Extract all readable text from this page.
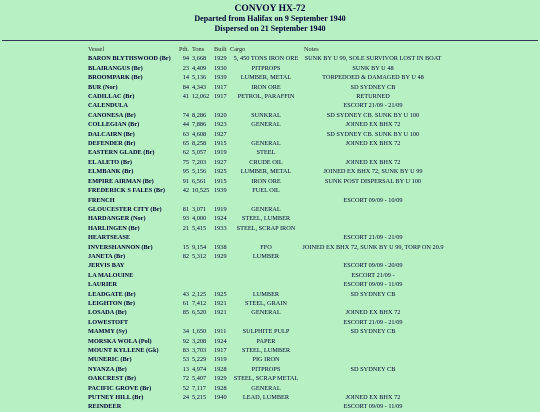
CONVOY HX-72
Departed from Halifax on 9 September 1940
Dispersed on 21 September 1940
Vessel	Pdt.	Tons	Built	Cargo	Notes
BARON BLYTHSWOOD (Br)	94	3,668	1929	5, 450 TONS IRON ORE	SUNK BY U 99, SOLE SURVIVOR LOST IN BOAT
BLAIRANGUS (Br)	23	4,409	1930	PITPROPS	SUNK BY U 48
BROOMPARK (Br)	14	5,136	1939	LUMBER, METAL	TORPEDOED & DAMAGED BY U 48
BUR (Nor)	84	4,343	1917	IRON ORE	SD SYDNEY CB
CADILLAC (Br)	41	12,062	1917	PETROL, PARAFFIN	RETURNED
CALENDULA					ESCORT 21/09 - 21/09
CANONESA (Br)	74	8,286	1920	SUNKRAL	SD SYDNEY CB. SUNK BY U 100
COLLEGIAN (Br)	44	7,886	1923	GENERAL	JOINED EX BHX 72
DALCAIRN (Br)	63	4,608	1927		SD SYDNEY CB. SUNK BY U 100
DEFENDER (Br)	65	8,258	1915	GENERAL	JOINED EX BHX 72
EASTERN GLADE (Br)	62	5,057	1919	STEEL	
EL ALETO (Br)	75	7,203	1927	CRUDE OIL	JOINED EX BHX 72
ELMBANK (Br)	95	5,156	1925	LUMBER, METAL	JOINED EX BHX 72, SUNK BY U 99
EMPIRE AIRMAN (Br)	91	6,561	1915	IRON ORE	SUNK POST DISPERSAL BY U 100
FREDERICK S FALES (Br)	42	10,525	1939	FUEL OIL	
FRENCH					ESCORT 09/09 - 10/09
GLOUCESTER CITY (Br)	81	3,071	1919	GENERAL	
HARDANGER (Nor)	93	4,000	1924	STEEL, LUMBER	
HARLINGEN (Br)	21	5,415	1933	STEEL, SCRAP IRON	
HEARTSEASE					ESCORT 21/09 - 21/09
INVERSHANNON (Br)	15	9,154	1938	FFO	JOINED EX BHX 72, SUNK BY U 99, TORP ON 20.9
JANETA (Br)	82	5,312	1929	LUMBER	
JERVIS BAY					ESCORT 09/09 - 20/09
LA MALOUINE					ESCORT 21/09 -
LAURIER					ESCORT 09/09 - 11/09
LEADGATE (Br)	43	2,125	1925	LUMBER	SD SYDNEY CB
LEIGHTON (Br)	61	7,412	1921	STEEL, GRAIN	
LOSADA (Br)	85	6,520	1921	GENERAL	JOINED EX BHX 72
LOWESTOFT					ESCORT 21/09 - 21/09
MAMMY (Sy)	34	1,650	1911	SULPHITE PULP	SD SYDNEY CB
MORSKA WOLA (Pol)	92	3,208	1924	PAPER	
MOUNT KYLLENE (Gk)	83	3,703	1917	STEEL, LUMBER	
MUNERIC (Br)	53	5,229	1919	PIG IRON	
NYANZA (Br)	13	4,974	1928	PITPROPS	SD SYDNEY CB
OAKCREST (Br)	72	5,407	1929	STEEL, SCRAP METAL	
PACIFIC GROVE (Br)	52	7,117	1928	GENERAL	
PUTNEY HILL (Br)	24	5,215	1940	LEAD, LUMBER	JOINED EX BHX 72
REINDEER					ESCORT 09/09 - 11/09
